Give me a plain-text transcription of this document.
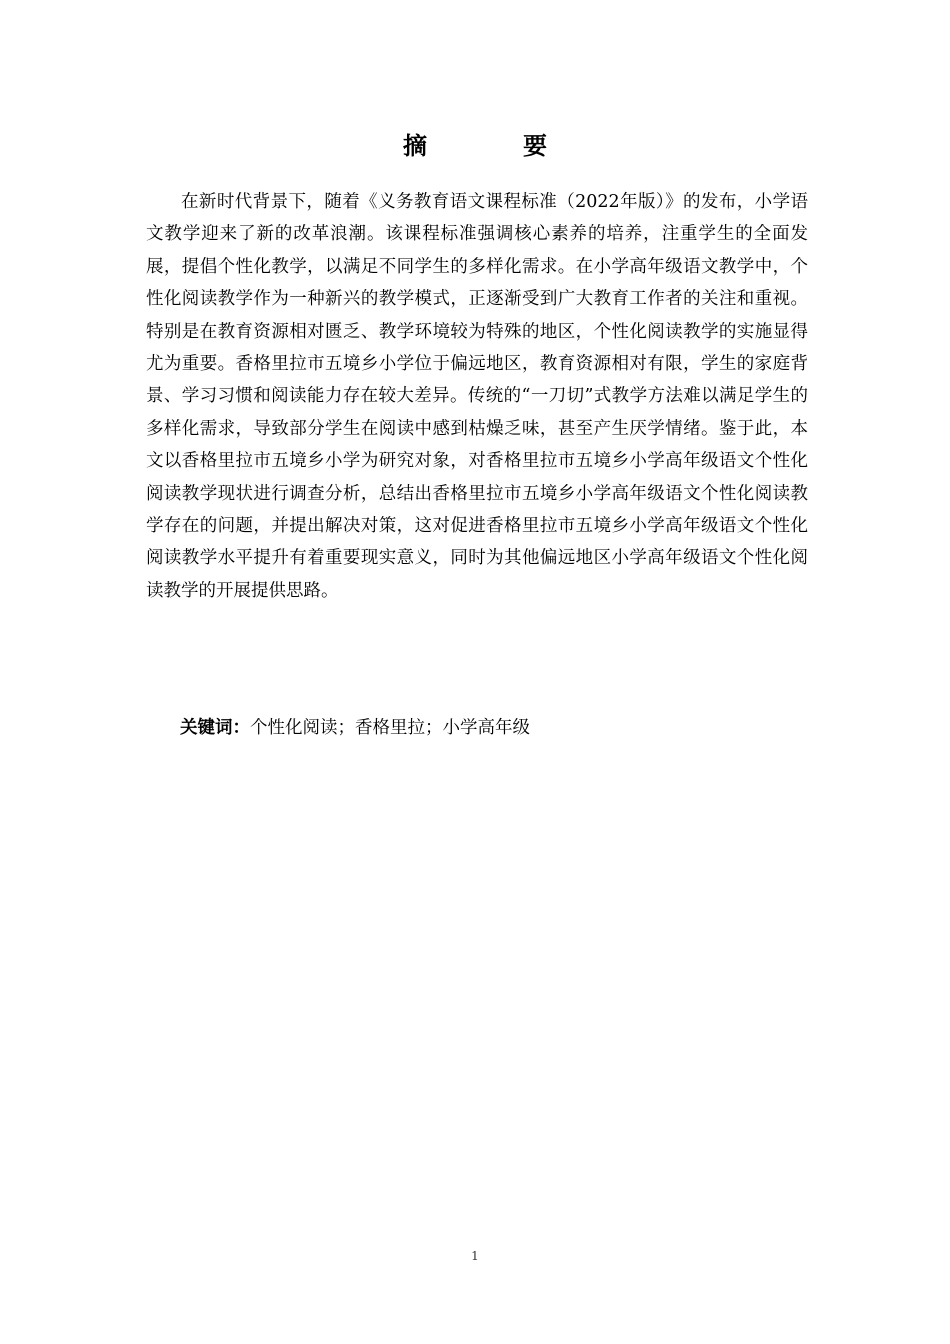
摘　要

在新时代背景下，随着《义务教育语文课程标准（2022年版）》的发布，小学语文教学迎来了新的改革浪潮。该课程标准强调核心素养的培养，注重学生的全面发展，提倡个性化教学，以满足不同学生的多样化需求。在小学高年级语文教学中，个性化阅读教学作为一种新兴的教学模式，正逐渐受到广大教育工作者的关注和重视。特别是在教育资源相对匮乏、教学环境较为特殊的地区，个性化阅读教学的实施显得尤为重要。香格里拉市五境乡小学位于偏远地区，教育资源相对有限，学生的家庭背景、学习习惯和阅读能力存在较大差异。传统的“一刀切”式教学方法难以满足学生的多样化需求，导致部分学生在阅读中感到枯燥乏味，甚至产生厌学情绪。鉴于此，本文以香格里拉市五境乡小学为研究对象，对香格里拉市五境乡小学高年级语文个性化阅读教学现状进行调查分析，总结出香格里拉市五境乡小学高年级语文个性化阅读教学存在的问题，并提出解决对策，这对促进香格里拉市五境乡小学高年级语文个性化阅读教学水平提升有着重要现实意义，同时为其他偏远地区小学高年级语文个性化阅读教学的开展提供思路。

关键词：个性化阅读；香格里拉；小学高年级
1
